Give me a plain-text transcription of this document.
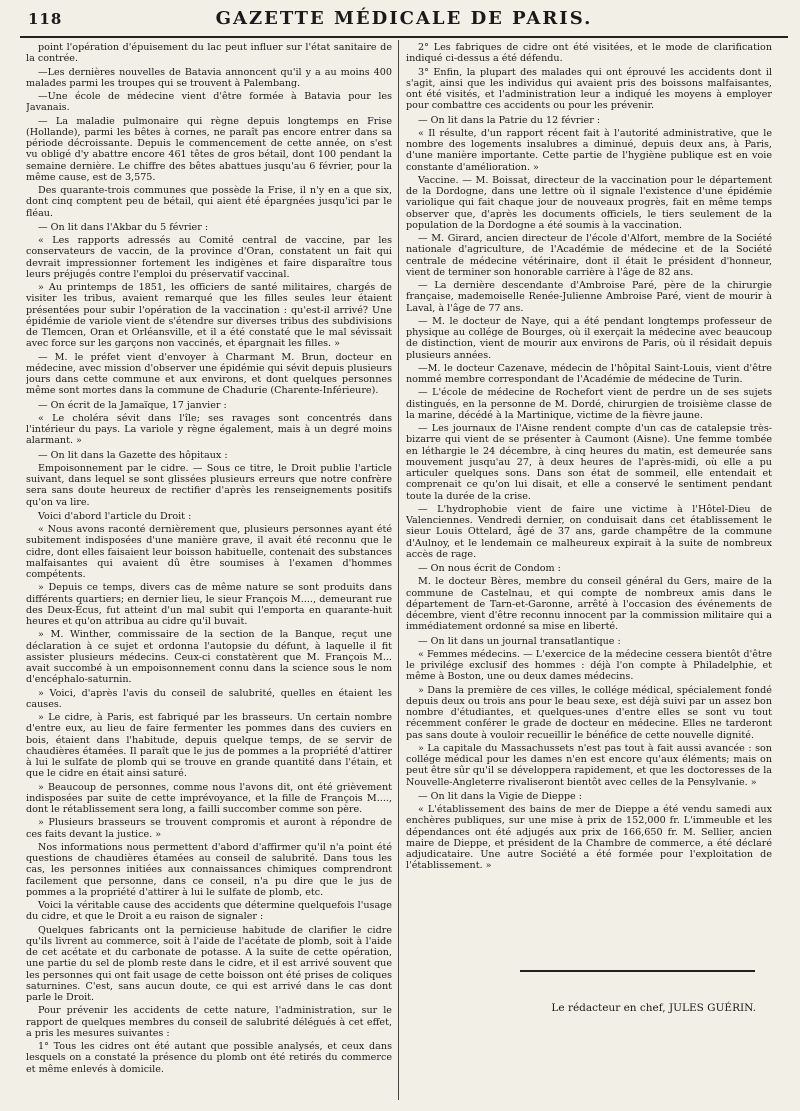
118	GAZETTE MÉDICALE DE PARIS.

point l'opération d'épuisement du lac peut influer sur l'état sanitaire de la contrée.

—Les dernières nouvelles de Batavia annoncent qu'il y a au moins 400 malades parmi les troupes qui se trouvent à Palembang.

—Une école de médecine vient d'être formée à Batavia pour les Javanais.

— La maladie pulmonaire qui règne depuis longtemps en Frise (Hollande), parmi les bêtes à cornes, ne paraît pas encore entrer dans sa période décroissante. Depuis le commencement de cette année, on s'est vu obligé d'y abattre encore 461 têtes de gros bétail, dont 100 pendant la semaine dernière. Le chiffre des bêtes abattues jusqu'au 6 février, pour la même cause, est de 3,575.

Des quarante-trois communes que possède la Frise, il n'y en a que six, dont cinq comptent peu de bétail, qui aient été épargnées jusqu'ici par le fléau.

— On lit dans l'Akbar du 5 février :

« Les rapports adressés au Comité central de vaccine, par les conservateurs de vaccin, de la province d'Oran, constatent un fait qui devrait impressionner fortement les indigènes et faire disparaître tous leurs préjugés contre l'emploi du préservatif vaccinal.

» Au printemps de 1851, les officiers de santé militaires, chargés de visiter les tribus, avaient remarqué que les filles seules leur étaient présentées pour subir l'opération de la vaccination : qu'est-il arrivé? Une épidémie de variole vient de s'étendre sur diverses tribus des subdivisions de Tlemcen, Oran et Orléansville, et il a été constaté que le mal sévissait avec force sur les garçons non vaccinés, et épargnait les filles. »

— M. le préfet vient d'envoyer à Charmant M. Brun, docteur en médecine, avec mission d'observer une épidémie qui sévit depuis plusieurs jours dans cette commune et aux environs, et dont quelques personnes même sont mortes dans la commune de Chadurie (Charente-Inférieure).

— On écrit de la Jamaïque, 17 janvier :

« Le choléra sévit dans l'île; ses ravages sont concentrés dans l'intérieur du pays. La variole y règne également, mais à un degré moins alarmant. »

— On lit dans la Gazette des hôpitaux :

Empoisonnement par le cidre. — Sous ce titre, le Droit publie l'article suivant, dans lequel se sont glissées plusieurs erreurs que notre confrère sera sans doute heureux de rectifier d'après les renseignements positifs qu'on va lire.

Voici d'abord l'article du Droit :

« Nous avons raconté dernièrement que, plusieurs personnes ayant été subitement indisposées d'une manière grave, il avait été reconnu que le cidre, dont elles faisaient leur boisson habituelle, contenait des substances malfaisantes qui avaient dû être soumises à l'examen d'hommes compétents.

» Depuis ce temps, divers cas de même nature se sont produits dans différents quartiers; en dernier lieu, le sieur François M...., demeurant rue des Deux-Écus, fut atteint d'un mal subit qui l'emporta en quarante-huit heures et qu'on attribua au cidre qu'il buvait.

» M. Winther, commissaire de la section de la Banque, reçut une déclaration à ce sujet et ordonna l'autopsie du défunt, à laquelle il fit assister plusieurs médecins. Ceux-ci constatèrent que M. François M... avait succombé à un empoisonnement connu dans la science sous le nom d'encéphalo-saturnin.

» Voici, d'après l'avis du conseil de salubrité, quelles en étaient les causes.

» Le cidre, à Paris, est fabriqué par les brasseurs. Un certain nombre d'entre eux, au lieu de faire fermenter les pommes dans des cuviers en bois, étaient dans l'habitude, depuis quelque temps, de se servir de chaudières étamées. Il paraît que le jus de pommes a la propriété d'attirer à lui le sulfate de plomb qui se trouve en grande quantité dans l'étain, et que le cidre en était ainsi saturé.

» Beaucoup de personnes, comme nous l'avons dit, ont été grièvement indisposées par suite de cette imprévoyance, et la fille de François M...., dont le rétablissement sera long, a failli succomber comme son père.

» Plusieurs brasseurs se trouvent compromis et auront à répondre de ces faits devant la justice. »

Nos informations nous permettent d'abord d'affirmer qu'il n'a point été questions de chaudières étamées au conseil de salubrité. Dans tous les cas, les personnes initiées aux connaissances chimiques comprendront facilement que personne, dans ce conseil, n'a pu dire que le jus de pommes a la propriété d'attirer à lui le sulfate de plomb, etc.

Voici la véritable cause des accidents que détermine quelquefois l'usage du cidre, et que le Droit a eu raison de signaler :

Quelques fabricants ont la pernicieuse habitude de clarifier le cidre qu'ils livrent au commerce, soit à l'aide de l'acétate de plomb, soit à l'aide de cet acétate et du carbonate de potasse. A la suite de cette opération, une partie du sel de plomb reste dans le cidre, et il est arrivé souvent que les personnes qui ont fait usage de cette boisson ont été prises de coliques saturnines. C'est, sans aucun doute, ce qui est arrivé dans le cas dont parle le Droit.

Pour prévenir les accidents de cette nature, l'administration, sur le rapport de quelques membres du conseil de salubrité délégués à cet effet, a pris les mesures suivantes :

1° Tous les cidres ont été autant que possible analysés, et ceux dans lesquels on a constaté la présence du plomb ont été retirés du commerce et même enlevés à domicile.

2° Les fabriques de cidre ont été visitées, et le mode de clarification indiqué ci-dessus a été défendu.

3° Enfin, la plupart des malades qui ont éprouvé les accidents dont il s'agit, ainsi que les individus qui avaient pris des boissons malfaisantes, ont été visités, et l'administration leur a indiqué les moyens à employer pour combattre ces accidents ou pour les prévenir.

— On lit dans la Patrie du 12 février :

« Il résulte, d'un rapport récent fait à l'autorité administrative, que le nombre des logements insalubres a diminué, depuis deux ans, à Paris, d'une manière importante. Cette partie de l'hygiène publique est en voie constante d'amélioration. »

Vaccine. — M. Boissat, directeur de la vaccination pour le département de la Dordogne, dans une lettre où il signale l'existence d'une épidémie variolique qui fait chaque jour de nouveaux progrès, fait en même temps observer que, d'après les documents officiels, le tiers seulement de la population de la Dordogne a été soumis à la vaccination.

— M. Girard, ancien directeur de l'école d'Alfort, membre de la Société nationale d'agriculture, de l'Académie de médecine et de la Société centrale de médecine vétérinaire, dont il était le président d'honneur, vient de terminer son honorable carrière à l'âge de 82 ans.

— La dernière descendante d'Ambroise Paré, père de la chirurgie française, mademoiselle Renée-Julienne Ambroise Paré, vient de mourir à Laval, à l'âge de 77 ans.

— M. le docteur de Naye, qui a été pendant longtemps professeur de physique au collége de Bourges, où il exerçait la médecine avec beaucoup de distinction, vient de mourir aux environs de Paris, où il résidait depuis plusieurs années.

—M. le docteur Cazenave, médecin de l'hôpital Saint-Louis, vient d'être nommé membre correspondant de l'Académie de médecine de Turin.

— L'école de médecine de Rochefort vient de perdre un de ses sujets distingués, en la personne de M. Dordé, chirurgien de troisième classe de la marine, décédé à la Martinique, victime de la fièvre jaune.

— Les journaux de l'Aisne rendent compte d'un cas de catalepsie très-bizarre qui vient de se présenter à Caumont (Aisne). Une femme tombée en léthargie le 24 décembre, à cinq heures du matin, est demeurée sans mouvement jusqu'au 27, à deux heures de l'après-midi, où elle a pu articuler quelques sons. Dans son état de sommeil, elle entendait et comprenait ce qu'on lui disait, et elle a conservé le sentiment pendant toute la durée de la crise.

— L'hydrophobie vient de faire une victime à l'Hôtel-Dieu de Valenciennes. Vendredi dernier, on conduisait dans cet établissement le sieur Louis Ottelard, âgé de 37 ans, garde champêtre de la commune d'Aulnoy, et le lendemain ce malheureux expirait à la suite de nombreux accès de rage.

— On nous écrit de Condom :

M. le docteur Bères, membre du conseil général du Gers, maire de la commune de Castelnau, et qui compte de nombreux amis dans le département de Tarn-et-Garonne, arrêté à l'occasion des événements de décembre, vient d'être reconnu innocent par la commission militaire qui a immédiatement ordonné sa mise en liberté.

— On lit dans un journal transatlantique :

« Femmes médecins. — L'exercice de la médecine cessera bientôt d'être le privilége exclusif des hommes : déjà l'on compte à Philadelphie, et même à Boston, une ou deux dames médecins.

» Dans la première de ces villes, le collége médical, spécialement fondé depuis deux ou trois ans pour le beau sexe, est déjà suivi par un assez bon nombre d'étudiantes, et quelques-unes d'entre elles se sont vu tout récemment conférer le grade de docteur en médecine. Elles ne tarderont pas sans doute à vouloir recueillir le bénéfice de cette nouvelle dignité.

» La capitale du Massachussets n'est pas tout à fait aussi avancée : son collége médical pour les dames n'en est encore qu'aux éléments; mais on peut être sûr qu'il se développera rapidement, et que les doctoresses de la Nouvelle-Angleterre rivaliseront bientôt avec celles de la Pensylvanie. »

— On lit dans la Vigie de Dieppe :

« L'établissement des bains de mer de Dieppe a été vendu samedi aux enchères publiques, sur une mise à prix de 152,000 fr. L'immeuble et les dépendances ont été adjugés aux prix de 166,650 fr. M. Sellier, ancien maire de Dieppe, et président de la Chambre de commerce, a été déclaré adjudicataire. Une autre Société a été formée pour l'exploitation de l'établissement. »

Le rédacteur en chef, JULES GUÉRIN.
